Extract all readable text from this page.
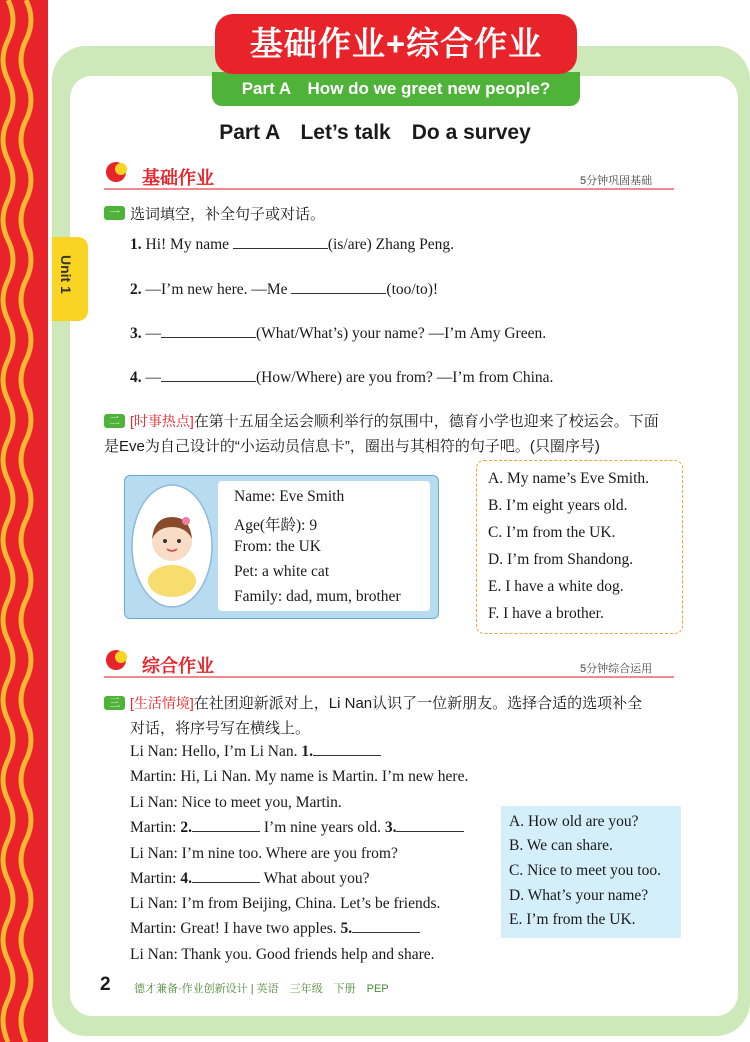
Part A　How do we greet new people?
基础作业+综合作业
Unit 1
Part A　Let’s talk　Do a survey
基础作业	5分钟巩固基础
一 选词填空，补全句子或对话。
1. Hi! My name	(is/are) Zhang Peng.
2. —I’m new here. —Me	(too/to)!
3. —	(What/What’s) your name? —I’m Amy Green.
4. —	(How/Where) are you from? —I’m from China.
二 [时事热点]在第十五届全运会顺利举行的氛围中，德育小学也迎来了校运会。下面
是Eve为自己设计的“小运动员信息卡”，圈出与其相符的句子吧。(只圈序号)
Name: Eve Smith
Age(年龄): 9
From: the UK
Pet: a white cat
Family: dad, mum, brother
A. My name’s Eve Smith.
B. I’m eight years old.
C. I’m from the UK.
D. I’m from Shandong.
E. I have a white dog.
F. I have a brother.
综合作业	5分钟综合运用
三 [生活情境]在社团迎新派对上，Li Nan认识了一位新朋友。选择合适的选项补全
对话，将序号写在横线上。
Li Nan: Hello, I’m Li Nan. 1.
Martin: Hi, Li Nan. My name is Martin. I’m new here.
Li Nan: Nice to meet you, Martin.
Martin: 2.	I’m nine years old. 3.
Li Nan: I’m nine too. Where are you from?
Martin: 4.	What about you?
Li Nan: I’m from Beijing, China. Let’s be friends.
Martin: Great! I have two apples. 5.
Li Nan: Thank you. Good friends help and share.
A. How old are you?
B. We can share.
C. Nice to meet you too.
D. What’s your name?
E. I’m from the UK.
2 德才兼备·作业创新设计 | 英语　三年级　下册　PEP
